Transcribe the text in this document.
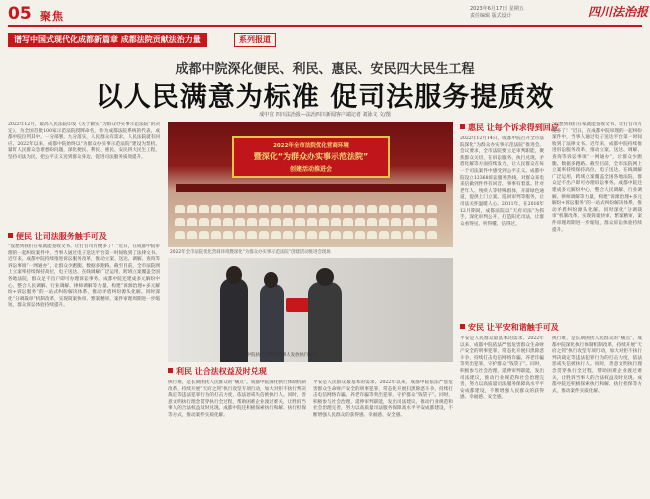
05 聚焦
2023年6月17日 星期五
责任编辑 版式设计	四川法治报
谱写中国式现代化成都新篇章 成都法院贡献法治力量	系列报道
成都中院深化便民、利民、惠民、安民四大民生工程
以人民满意为标准 促司法服务提质效
成中宣 四川法治报—法治四川新闻客户端记者 刘泳文 文/图
2022年12月，最高人民法院印发《关于做实“为群众办实事示范法院”的决定》，为全国首批100家示范法院授牌命名，作为成都法院系统的代表，成都中院位列其中。一分部署，九分落实，人民群众有需求，人民法院就有回应。2022年以来，成都中院始终以“为群众办实事示范法院”建设为契机，紧盯人民群众急难愁盼问题，深化便民、利民、惠民、安民四大民生工程，坚持司法为民，把公平正义送到群众身边，促进司法服务质效提升。
便民 让司法服务触手可及
“没想到我们在家就能签收文书，让打官司方便多了！”近日，在成都中院审理的一起纠纷案件中，当事人通过电子送达平台第一时间收到了法律文书。近年来，成都中院持续推进诉讼服务改革，推动立案、送达、调解、查询等诉讼事项“一网通办”，让群众少跑腿、数据多跑路。截至目前，全市法院网上立案率持续保持高位，电子送达、在线调解广泛运用，跨域立案覆盖全国各地法院，群众足不出户即可办理诉讼事务。成都中院还建成多元解纷中心，整合人民调解、行业调解、律师调解等力量，构建“诉源治理+多元解纷+诉讼服务”的一站式纠纷解决体系，推动矛盾纠纷源头化解。同时深化“分调裁审”机制改革，实现简案快审、繁案精审，案件审理周期进一步缩短，群众诉讼体验持续提升。
2022年全市法院优化营商环境
暨深化“为群众办实事示范法院”
创建活动推进会
2022年全市法院优化营商环境暨深化“为群众办实事示范法院”创建活动推进会现场
成都中院执行干警为当事人发放执行案款
利民 让合法权益及时兑现
执行难，是长期困扰人民群众的“痛点”。成都中院深化执行体制机制改革，持续开展“天府之剑”执行攻坚专项行动，加大对拒不执行判决裁定等违法犯罪行为的打击力度，依法惩戒失信被执行人。同时，善意文明执行理念贯穿执行全过程，帮助困难企业渡过难关，让胜诉当事人的合法权益及时兑现。成都中院还积极探索执行和解、执行担保等方式，推动案件实质化解。
平安是人民群众最基本的需求。2022年以来，成都中院依法严惩危害群众生命财产安全的刑事犯罪，常态化开展扫黑除恶斗争，持续打击电信网络诈骗、养老诈骗等突出犯罪，守护群众“钱袋子”。同时，积极参与社会治理，延伸审判职能，发出司法建议，推动行业规范和社会治理完善，努力以高质量司法服务保障高水平平安成都建设，不断增强人民群众的获得感、幸福感、安全感。
惠民 让每个诉求得到回应
2022年12月14日，成都中院召开全市法院深化“为群众办实事示范法院”推进会。会议要求，全市法院要立足审判职能，聚焦群众关切，在诉讼服务、执行兑现、矛盾化解等方面持续发力，让人民群众在每一个司法案件中感受到公平正义。成都中院设立12368诉讼服务热线，对群众来电来信做到件件有回音、事事有着落。针对老年人、残疾人等特殊群体，开辟绿色通道，提供上门立案、巡回审判等服务，让司法关怀温暖人心。2011年，在2016年12月期间，成都法院以“天府司法”为抓手，深化审判公开，打造阳光司法，让群众看得见、听得懂、信得过。
“没想到我们在家就能签收文书，让打官司方便多了！”近日，在成都中院审理的一起纠纷案件中，当事人通过电子送达平台第一时间收到了法律文书。近年来，成都中院持续推进诉讼服务改革，推动立案、送达、调解、查询等诉讼事项“一网通办”，让群众少跑腿、数据多跑路。截至目前，全市法院网上立案率持续保持高位，电子送达、在线调解广泛运用，跨域立案覆盖全国各地法院，群众足不出户即可办理诉讼事务。成都中院还建成多元解纷中心，整合人民调解、行业调解、律师调解等力量，构建“诉源治理+多元解纷+诉讼服务”的一站式纠纷解决体系，推动矛盾纠纷源头化解。同时深化“分调裁审”机制改革，实现简案快审、繁案精审，案件审理周期进一步缩短，群众诉讼体验持续提升。
安民 让平安和谐触手可及
平安是人民群众最基本的需求。2022年以来，成都中院依法严惩危害群众生命财产安全的刑事犯罪，常态化开展扫黑除恶斗争，持续打击电信网络诈骗、养老诈骗等突出犯罪，守护群众“钱袋子”。同时，积极参与社会治理，延伸审判职能，发出司法建议，推动行业规范和社会治理完善，努力以高质量司法服务保障高水平平安成都建设，不断增强人民群众的获得感、幸福感、安全感。
执行难，是长期困扰人民群众的“痛点”。成都中院深化执行体制机制改革，持续开展“天府之剑”执行攻坚专项行动，加大对拒不执行判决裁定等违法犯罪行为的打击力度，依法惩戒失信被执行人。同时，善意文明执行理念贯穿执行全过程，帮助困难企业渡过难关，让胜诉当事人的合法权益及时兑现。成都中院还积极探索执行和解、执行担保等方式，推动案件实质化解。
